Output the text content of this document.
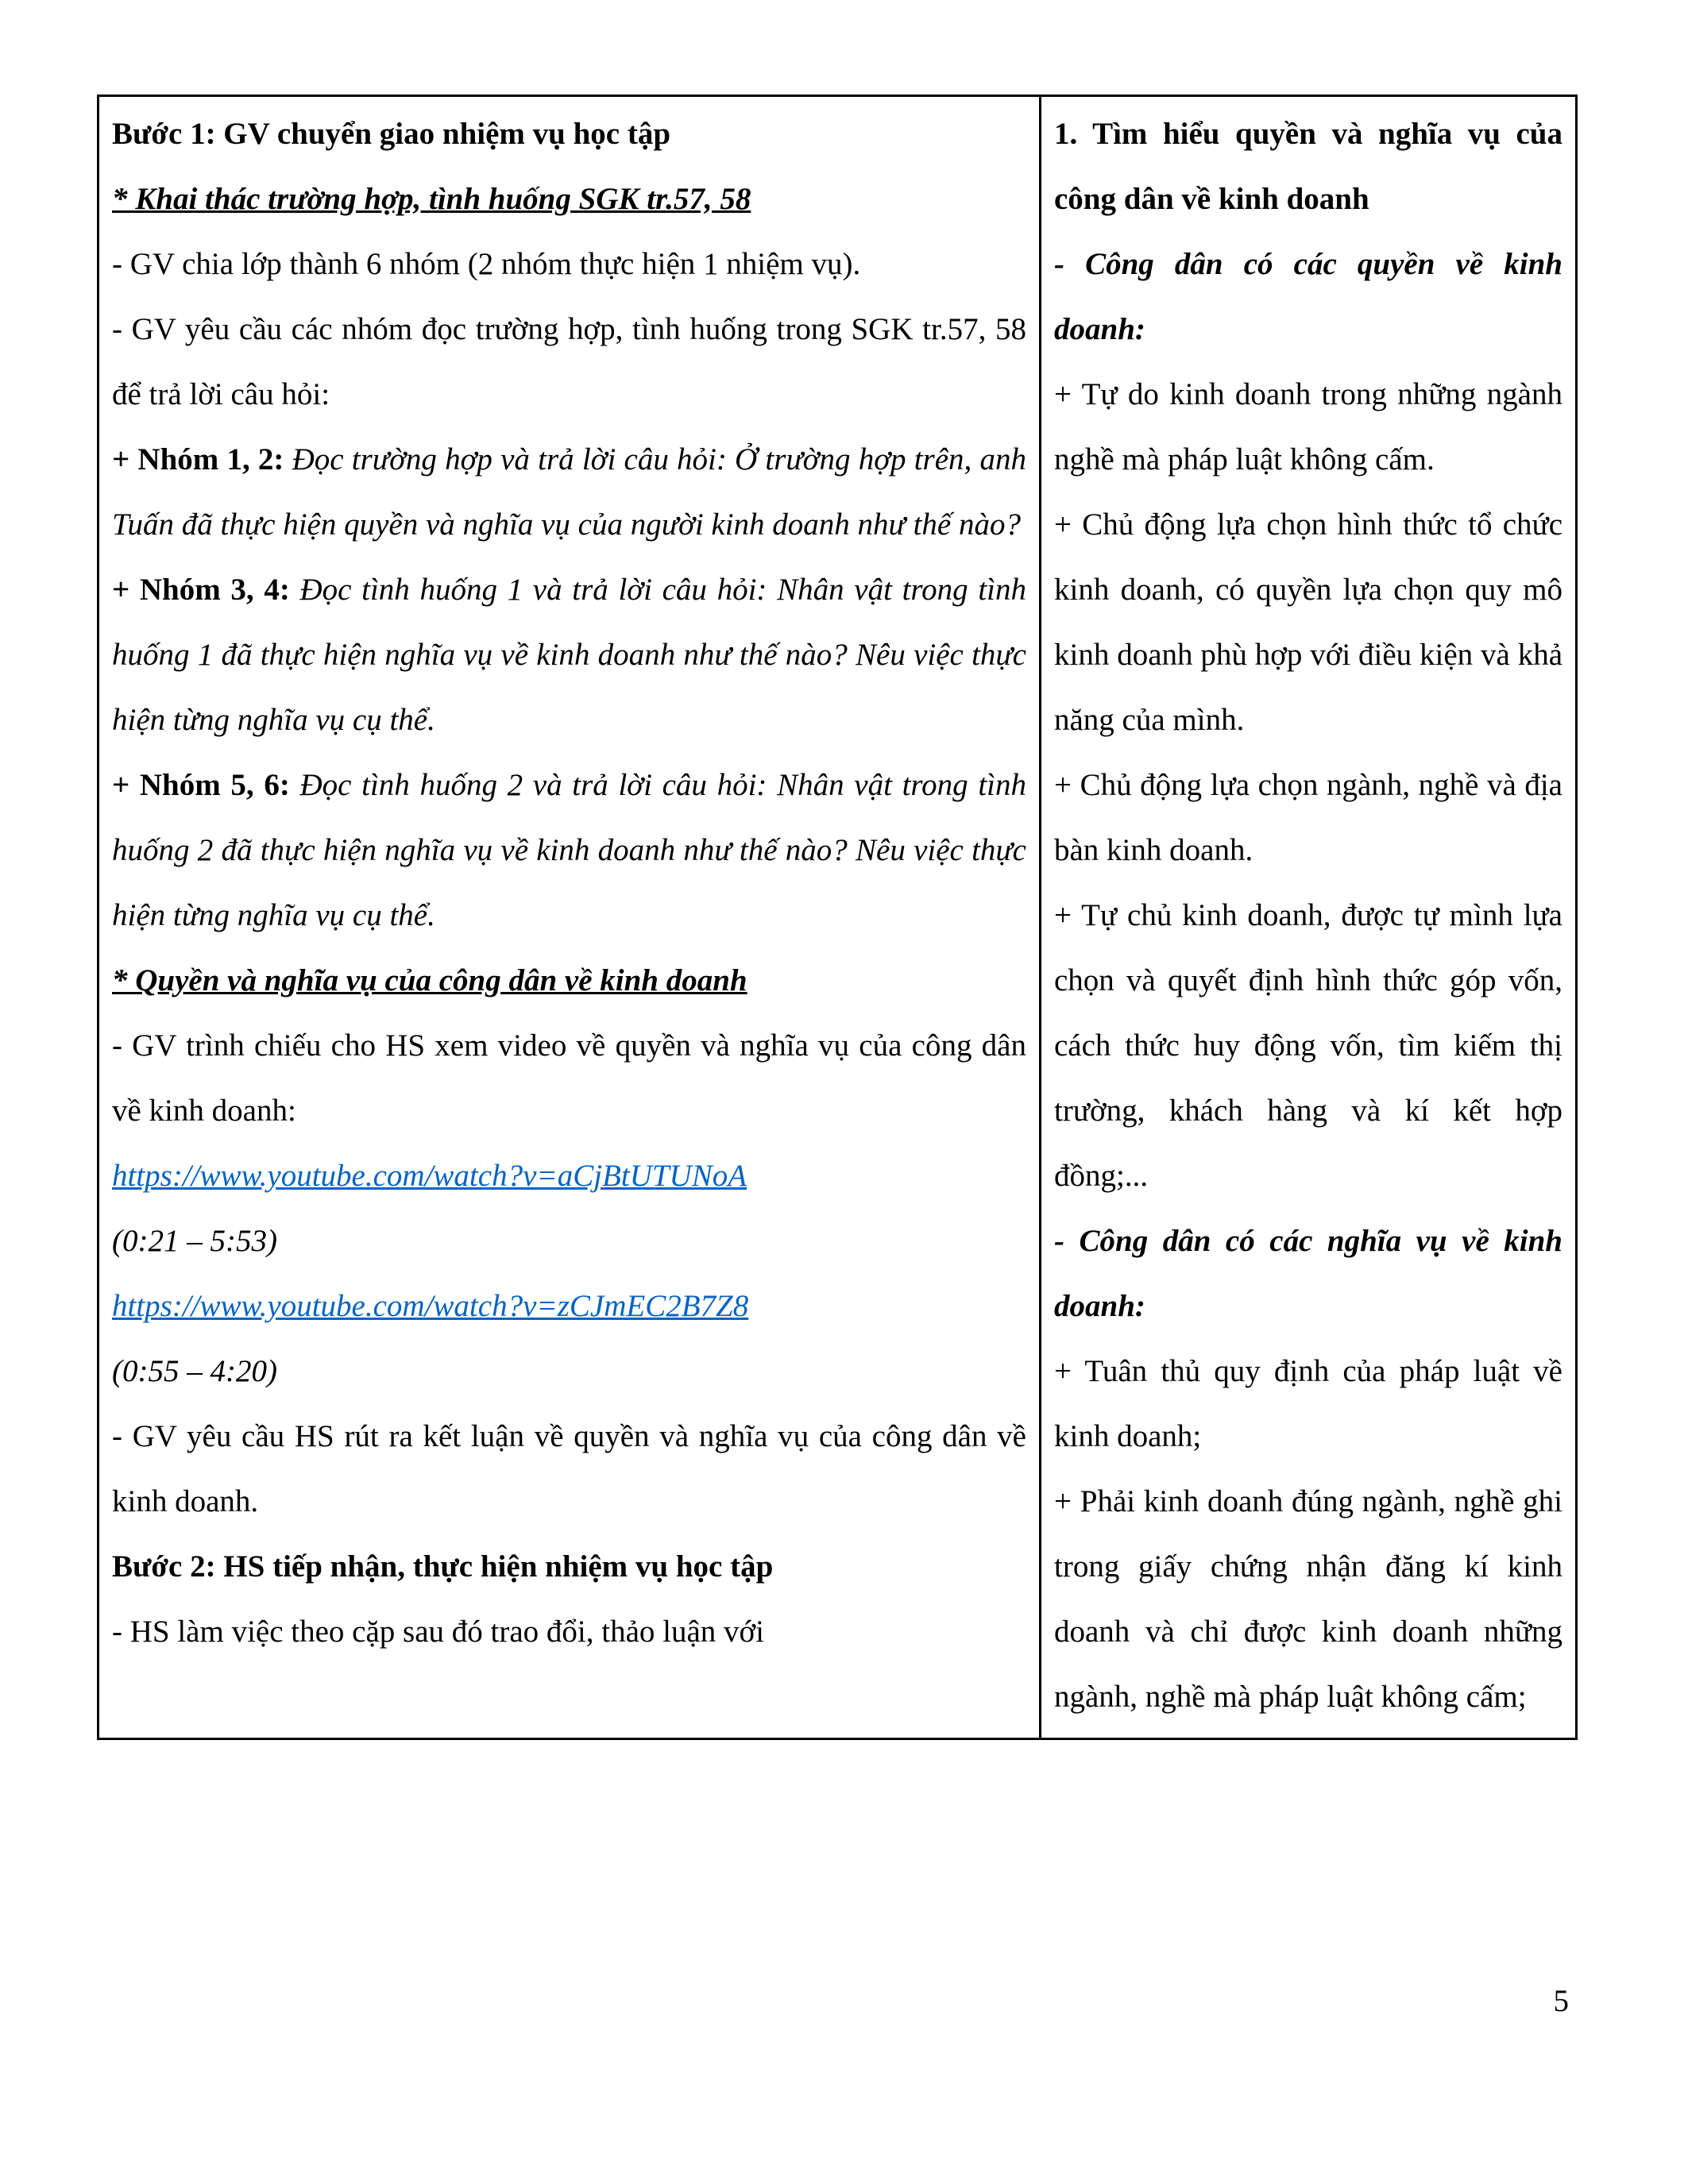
Bước 1: GV chuyển giao nhiệm vụ học tập

* Khai thác trường hợp, tình huống SGK tr.57, 58

- GV chia lớp thành 6 nhóm (2 nhóm thực hiện 1 nhiệm vụ).

- GV yêu cầu các nhóm đọc trường hợp, tình huống trong SGK tr.57, 58 để trả lời câu hỏi:

+ Nhóm 1, 2: Đọc trường hợp và trả lời câu hỏi: Ở trường hợp trên, anh Tuấn đã thực hiện quyền và nghĩa vụ của người kinh doanh như thế nào?

+ Nhóm 3, 4: Đọc tình huống 1 và trả lời câu hỏi: Nhân vật trong tình huống 1 đã thực hiện nghĩa vụ về kinh doanh như thế nào? Nêu việc thực hiện từng nghĩa vụ cụ thể.

+ Nhóm 5, 6: Đọc tình huống 2 và trả lời câu hỏi: Nhân vật trong tình huống 2 đã thực hiện nghĩa vụ về kinh doanh như thế nào? Nêu việc thực hiện từng nghĩa vụ cụ thể.

* Quyền và nghĩa vụ của công dân về kinh doanh

- GV trình chiếu cho HS xem video về quyền và nghĩa vụ của công dân về kinh doanh:

https://www.youtube.com/watch?v=aCjBtUTUNoA

(0:21 – 5:53)

https://www.youtube.com/watch?v=zCJmEC2B7Z8

(0:55 – 4:20)

- GV yêu cầu HS rút ra kết luận về quyền và nghĩa vụ của công dân về kinh doanh.

Bước 2: HS tiếp nhận, thực hiện nhiệm vụ học tập

- HS làm việc theo cặp sau đó trao đổi, thảo luận với

1. Tìm hiểu quyền và nghĩa vụ của công dân về kinh doanh

- Công dân có các quyền về kinh doanh:

+ Tự do kinh doanh trong những ngành nghề mà pháp luật không cấm.

+ Chủ động lựa chọn hình thức tổ chức kinh doanh, có quyền lựa chọn quy mô kinh doanh phù hợp với điều kiện và khả năng của mình.

+ Chủ động lựa chọn ngành, nghề và địa bàn kinh doanh.

+ Tự chủ kinh doanh, được tự mình lựa chọn và quyết định hình thức góp vốn, cách thức huy động vốn, tìm kiếm thị trường, khách hàng và kí kết hợp đồng;...

- Công dân có các nghĩa vụ về kinh doanh:

+ Tuân thủ quy định của pháp luật về kinh doanh;

+ Phải kinh doanh đúng ngành, nghề ghi trong giấy chứng nhận đăng kí kinh doanh và chỉ được kinh doanh những ngành, nghề mà pháp luật không cấm;

5
